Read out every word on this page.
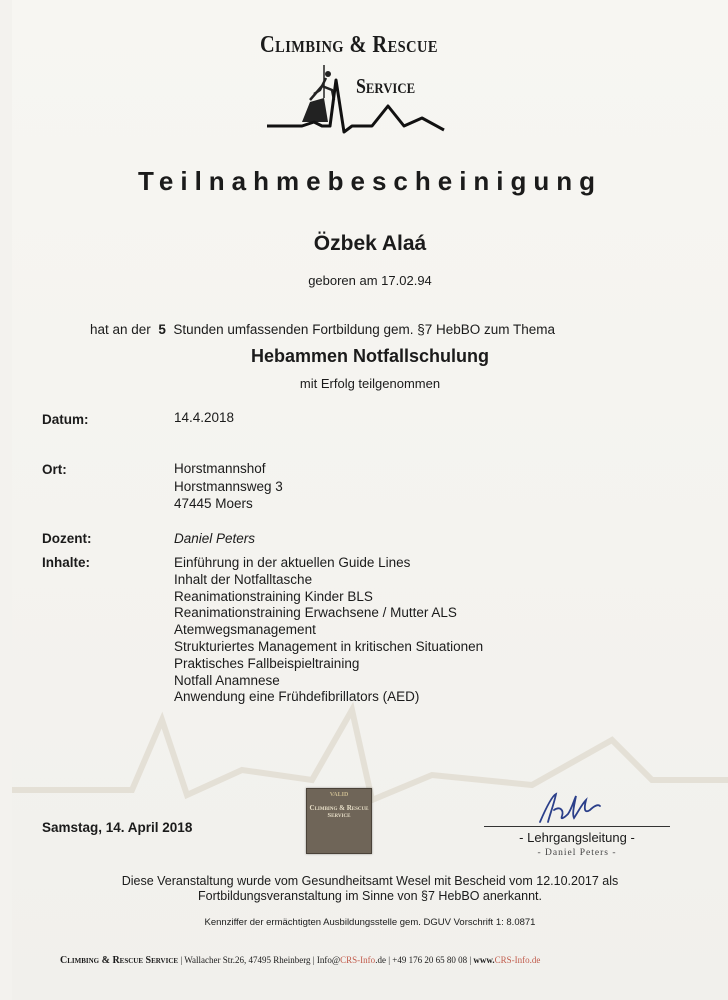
Climbing & Rescue
Service
Teilnahmebescheinigung
Özbek Alaá
geboren am 17.02.94
hat an der 5 Stunden umfassenden Fortbildung gem. §7 HebBO zum Thema
Hebammen Notfallschulung
mit Erfolg teilgenommen
Datum:	14.4.2018
Ort:	Horstmannshof
Horstmannsweg 3
47445 Moers
Dozent:	Daniel Peters
Inhalte:	Einführung in der aktuellen Guide Lines
Inhalt der Notfalltasche
Reanimationstraining Kinder BLS
Reanimationstraining Erwachsene / Mutter ALS
Atemwegsmanagement
Strukturiertes Management in kritischen Situationen
Praktisches Fallbeispieltraining
Notfall Anamnese
Anwendung eine Frühdefibrillators (AED)
Samstag, 14. April 2018
VALID
Climbing & Rescue
Service
- Lehrgangsleitung -
- Daniel Peters -
Diese Veranstaltung wurde vom Gesundheitsamt Wesel mit Bescheid vom 12.10.2017 als
Fortbildungsveranstaltung im Sinne von §7 HebBO anerkannt.
Kennziffer der ermächtigten Ausbildungsstelle gem. DGUV Vorschrift 1: 8.0871
Climbing & Rescue Service | Wallacher Str.26, 47495 Rheinberg | Info@CRS-Info.de | +49 176 20 65 80 08 | www.CRS-Info.de
